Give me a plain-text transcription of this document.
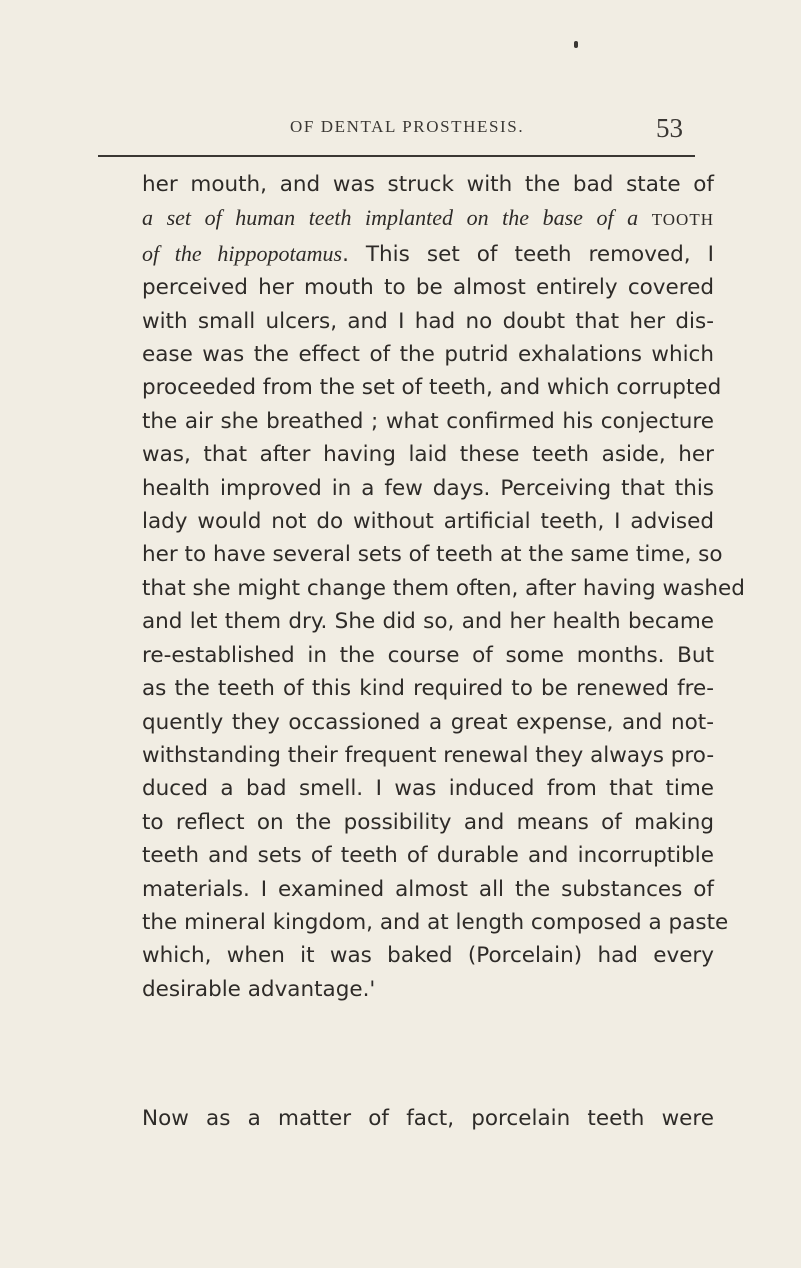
OF DENTAL PROSTHESIS.	53
her mouth, and was struck with the bad state of
a set of human teeth implanted on the base of a TOOTH
of the hippopotamus. This set of teeth removed, I
perceived her mouth to be almost entirely covered
with small ulcers, and I had no doubt that her dis-
ease was the effect of the putrid exhalations which
proceeded from the set of teeth, and which corrupted
the air she breathed ; what confirmed his conjecture
was, that after having laid these teeth aside, her
health improved in a few days. Perceiving that this
lady would not do without artificial teeth, I advised
her to have several sets of teeth at the same time, so
that she might change them often, after having washed
and let them dry. She did so, and her health became
re-established in the course of some months. But
as the teeth of this kind required to be renewed fre-
quently they occassioned a great expense, and not-
withstanding their frequent renewal they always pro-
duced a bad smell. I was induced from that time
to reflect on the possibility and means of making
teeth and sets of teeth of durable and incorruptible
materials. I examined almost all the substances of
the mineral kingdom, and at length composed a paste
which, when it was baked (Porcelain) had every
desirable advantage.'
Now as a matter of fact, porcelain teeth were
